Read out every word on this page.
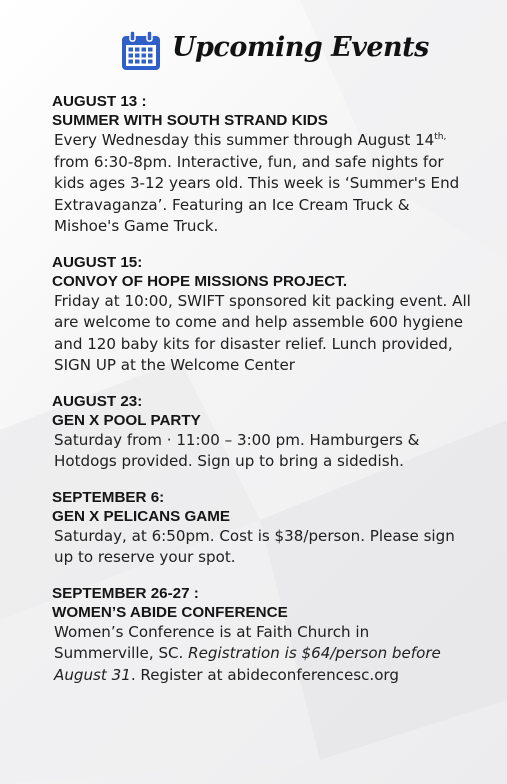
Upcoming Events
AUGUST 13 :
SUMMER WITH SOUTH STRAND KIDS
Every Wednesday this summer through August $14^{th,}$ from 6:30-8pm. Interactive, fun, and safe nights for kids ages 3-12 years old. This week is ‘Summer's End Extravaganza’. Featuring an Ice Cream Truck & Mishoe's Game Truck.
AUGUST 15:
CONVOY OF HOPE MISSIONS PROJECT.
Friday at 10:00, SWIFT sponsored kit packing event. All are welcome to come and help assemble 600 hygiene and 120 baby kits for disaster relief. Lunch provided, SIGN UP at the Welcome Center
AUGUST 23:
GEN X POOL PARTY
Saturday from · 11:00 – 3:00 pm. Hamburgers & Hotdogs provided. Sign up to bring a sidedish.
SEPTEMBER 6:
GEN X PELICANS GAME
Saturday, at 6:50pm. Cost is $38/person. Please sign up to reserve your spot.
SEPTEMBER 26-27 :
WOMEN’S ABIDE CONFERENCE
Women’s Conference is at Faith Church in Summerville, SC. Registration is $64/person before August 31. Register at abideconferencesc.org
